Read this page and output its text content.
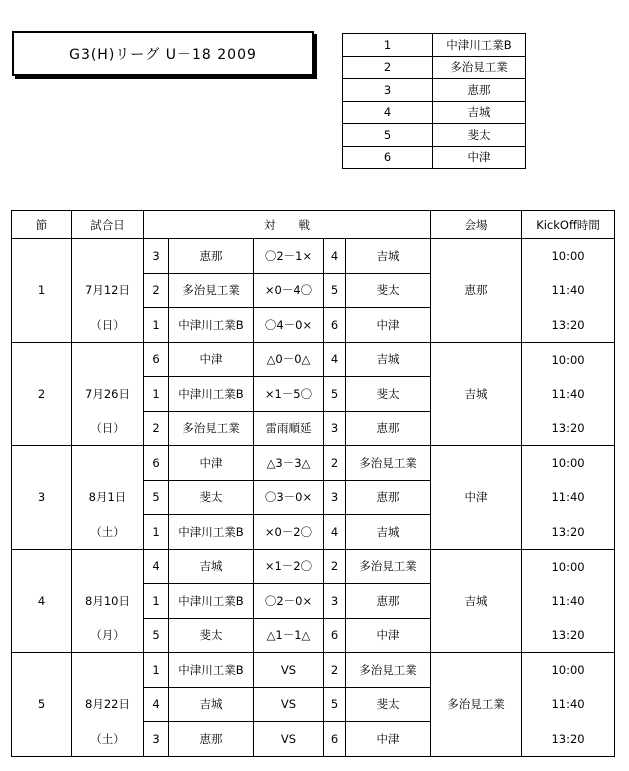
G3(H)リーグ U－18 2009
1	中津川工業B
2	多治見工業
3	恵那
4	吉城
5	斐太
6	中津
節	試合日	対　　戦					会場	KickOff時間
1		3	恵那	〇2－1×	4	吉城	恵那	10:00
	7月12日	2	多治見工業	×0－4〇	5	斐太		11:40
	（日）	1	中津川工業B	〇4－0×	6	中津		13:20
2		6	中津	△0－0△	4	吉城	吉城	10:00
	7月26日	1	中津川工業B	×1－5〇	5	斐太		11:40
	（日）	2	多治見工業	雷雨順延	3	恵那		13:20
3		6	中津	△3－3△	2	多治見工業	中津	10:00
	8月1日	5	斐太	〇3－0×	3	恵那		11:40
	（土）	1	中津川工業B	×0－2〇	4	吉城		13:20
4		4	吉城	×1－2〇	2	多治見工業	吉城	10:00
	8月10日	1	中津川工業B	〇2－0×	3	恵那		11:40
	（月）	5	斐太	△1－1△	6	中津		13:20
5		1	中津川工業B	VS	2	多治見工業	多治見工業	10:00
	8月22日	4	吉城	VS	5	斐太		11:40
	（土）	3	恵那	VS	6	中津		13:20
